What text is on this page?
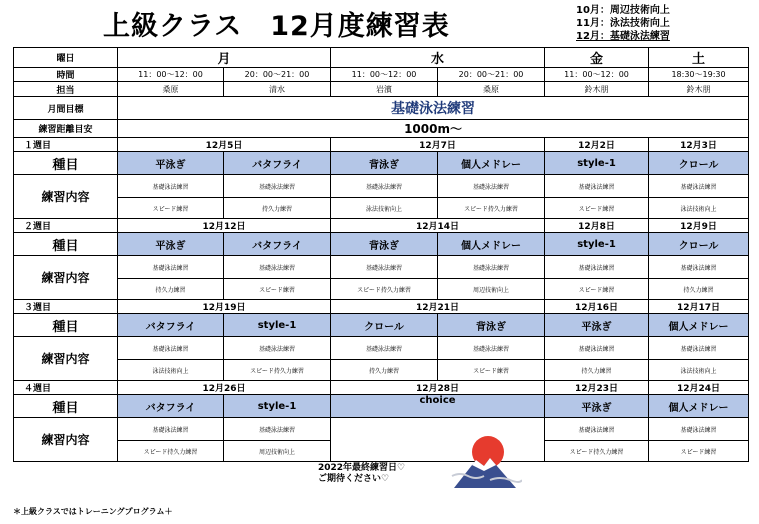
上級クラス　12月度練習表
10月：周辺技術向上
11月：泳法技術向上
12月：基礎泳法練習
曜日	月		水		金	土
時間	11：00～12：00	20：00～21：00	11：00～12：00	20：00～21：00	11：00～12：00	18:30～19:30
担当	桑原	清水	岩濱	桑原	鈴木朋	鈴木朋
月間目標	基礎泳法練習					
練習距離目安	1000m～					
１週目	12月5日		12月7日		12月2日	12月3日
種目	平泳ぎ	バタフライ	背泳ぎ	個人メドレー	style-1	クロール
練習内容	基礎泳法練習	基礎泳法練習	基礎泳法練習	基礎泳法練習	基礎泳法練習	基礎泳法練習
	スピード練習	持久力練習	泳法技術向上	スピード持久力練習	スピード練習	泳法技術向上
２週目	12月12日		12月14日		12月8日	12月9日
種目	平泳ぎ	バタフライ	背泳ぎ	個人メドレー	style-1	クロール
練習内容	基礎泳法練習	基礎泳法練習	基礎泳法練習	基礎泳法練習	基礎泳法練習	基礎泳法練習
	持久力練習	スピード練習	スピード持久力練習	周辺技術向上	スピード練習	持久力練習
３週目	12月19日		12月21日		12月16日	12月17日
種目	バタフライ	style-1	クロール	背泳ぎ	平泳ぎ	個人メドレー
練習内容	基礎泳法練習	基礎泳法練習	基礎泳法練習	基礎泳法練習	基礎泳法練習	基礎泳法練習
	泳法技術向上	スピード持久力練習	持久力練習	スピード練習	持久力練習	泳法技術向上
４週目	12月26日		12月28日		12月23日	12月24日
種目	バタフライ	style-1	choice		平泳ぎ	個人メドレー
練習内容	基礎泳法練習	基礎泳法練習			基礎泳法練習	基礎泳法練習
	スピード持久力練習	周辺技術向上			スピード持久力練習	スピード練習
2022年最終練習日♡
ご期待ください♡
＊上級クラスではトレーニングプログラム＋
